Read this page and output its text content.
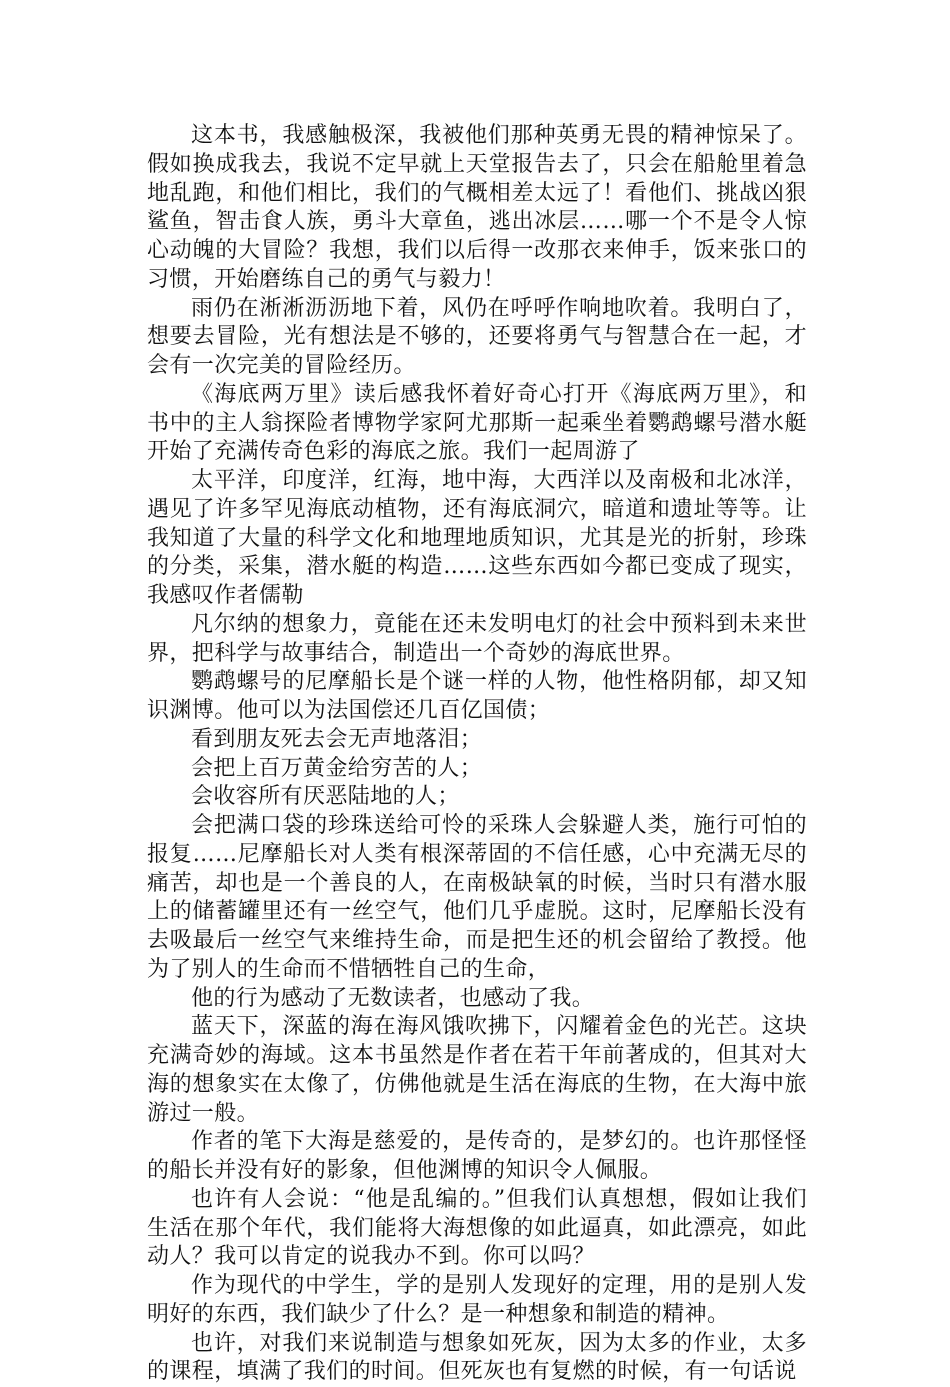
这本书，我感触极深，我被他们那种英勇无畏的精神惊呆了。假如换成我去，我说不定早就上天堂报告去了，只会在船舱里着急地乱跑，和他们相比，我们的气概相差太远了！看他们、挑战凶狠鲨鱼，智击食人族，勇斗大章鱼，逃出冰层……哪一个不是令人惊心动魄的大冒险？我想，我们以后得一改那衣来伸手，饭来张口的习惯，开始磨练自己的勇气与毅力！

雨仍在淅淅沥沥地下着，风仍在呼呼作响地吹着。我明白了，想要去冒险，光有想法是不够的，还要将勇气与智慧合在一起，才会有一次完美的冒险经历。

《海底两万里》读后感我怀着好奇心打开《海底两万里》，和书中的主人翁探险者博物学家阿尤那斯一起乘坐着鹦鹉螺号潜水艇开始了充满传奇色彩的海底之旅。我们一起周游了

太平洋，印度洋，红海，地中海，大西洋以及南极和北冰洋，遇见了许多罕见海底动植物，还有海底洞穴，暗道和遗址等等。让我知道了大量的科学文化和地理地质知识，尤其是光的折射，珍珠的分类，采集，潜水艇的构造……这些东西如今都已变成了现实，我感叹作者儒勒

凡尔纳的想象力，竟能在还未发明电灯的社会中预料到未来世界，把科学与故事结合，制造出一个奇妙的海底世界。

鹦鹉螺号的尼摩船长是个谜一样的人物，他性格阴郁，却又知识渊博。他可以为法国偿还几百亿国债；

看到朋友死去会无声地落泪；

会把上百万黄金给穷苦的人；

会收容所有厌恶陆地的人；

会把满口袋的珍珠送给可怜的采珠人会躲避人类，施行可怕的报复……尼摩船长对人类有根深蒂固的不信任感，心中充满无尽的痛苦，却也是一个善良的人，在南极缺氧的时候，当时只有潜水服上的储蓄罐里还有一丝空气，他们几乎虚脱。这时，尼摩船长没有去吸最后一丝空气来维持生命，而是把生还的机会留给了教授。他为了别人的生命而不惜牺牲自己的生命，

他的行为感动了无数读者，也感动了我。

蓝天下，深蓝的海在海风饿吹拂下，闪耀着金色的光芒。这块充满奇妙的海域。这本书虽然是作者在若干年前著成的，但其对大海的想象实在太像了，仿佛他就是生活在海底的生物，在大海中旅游过一般。

作者的笔下大海是慈爱的，是传奇的，是梦幻的。也许那怪怪的船长并没有好的影象，但他渊博的知识令人佩服。

也许有人会说：“他是乱编的。”但我们认真想想，假如让我们生活在那个年代，我们能将大海想像的如此逼真，如此漂亮，如此动人？我可以肯定的说我办不到。你可以吗？

作为现代的中学生，学的是别人发现好的定理，用的是别人发明好的东西，我们缺少了什么？是一种想象和制造的精神。

也许，对我们来说制造与想象如死灰，因为太多的作业，太多的课程，填满了我们的时间。但死灰也有复燃的时候，有一句话说
